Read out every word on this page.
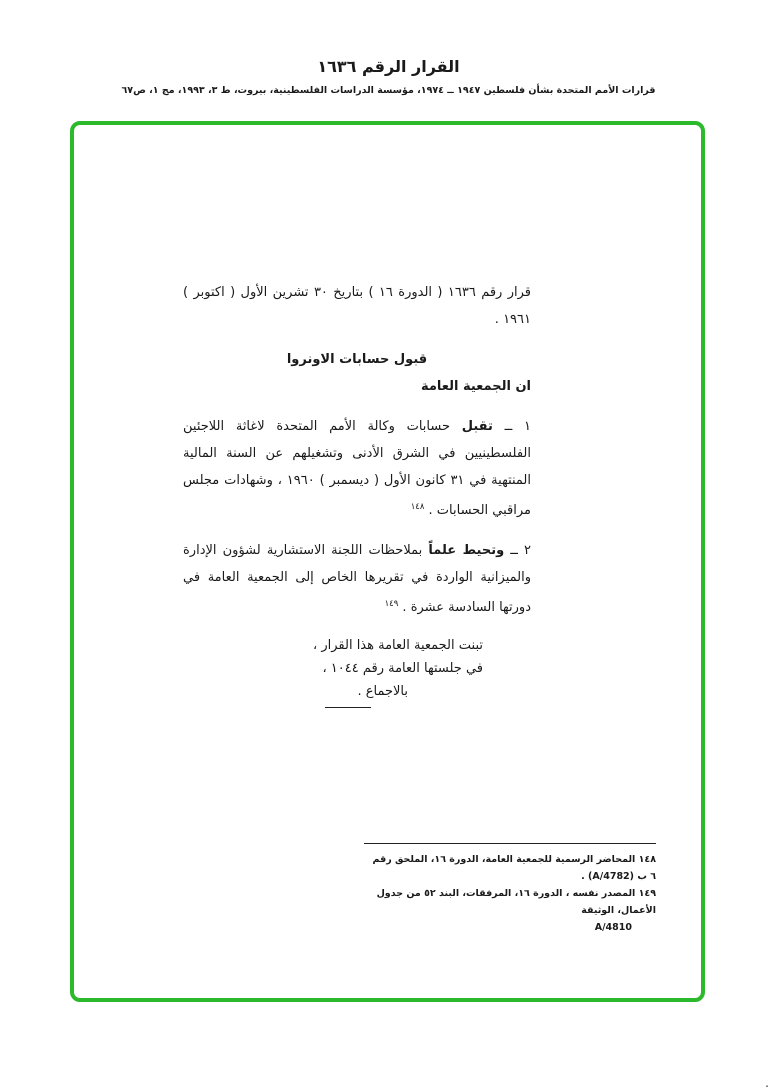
القرار الرقم ١٦٣٦
قرارات الأمم المتحدة بشأن فلسطين ١٩٤٧ ــ ١٩٧٤، مؤسسة الدراسات الفلسطينية، بيروت، ط ٣، ١٩٩٣، مج ١، ص٦٧

قرار رقم ١٦٣٦ ( الدورة ١٦ ) بتاريخ ٣٠ تشرين الأول ( اكتوبر ) ١٩٦١ .

قبول حسابات الاونروا
ان الجمعية العامة

١ ــ تقبل حسابات وكالة الأمم المتحدة لاغاثة اللاجئين الفلسطينيين في الشرق الأدنى وتشغيلهم عن السنة المالية المنتهية في ٣١ كانون الأول ( ديسمبر ) ١٩٦٠ ، وشهادات مجلس مراقبي الحسابات . $^{١٤٨}$

٢ ــ وتحيط علماً بملاحظات اللجنة الاستشارية لشؤون الإدارة والميزانية الواردة في تقريرها الخاص إلى الجمعية العامة في دورتها السادسة عشرة . $^{١٤٩}$

تبنت الجمعية العامة هذا القرار ،
في جلستها العامة رقم ١٠٤٤ ،
بالاجماع .
١٤٨ المحاضر الرسمية للجمعية العامة، الدورة ١٦، الملحق رقم ٦ ب (A/4782) .
١٤٩ المصدر نفسه ، الدورة ١٦، المرفقات، البند ٥٢ من جدول الأعمال، الوثيقة
A/4810
.
